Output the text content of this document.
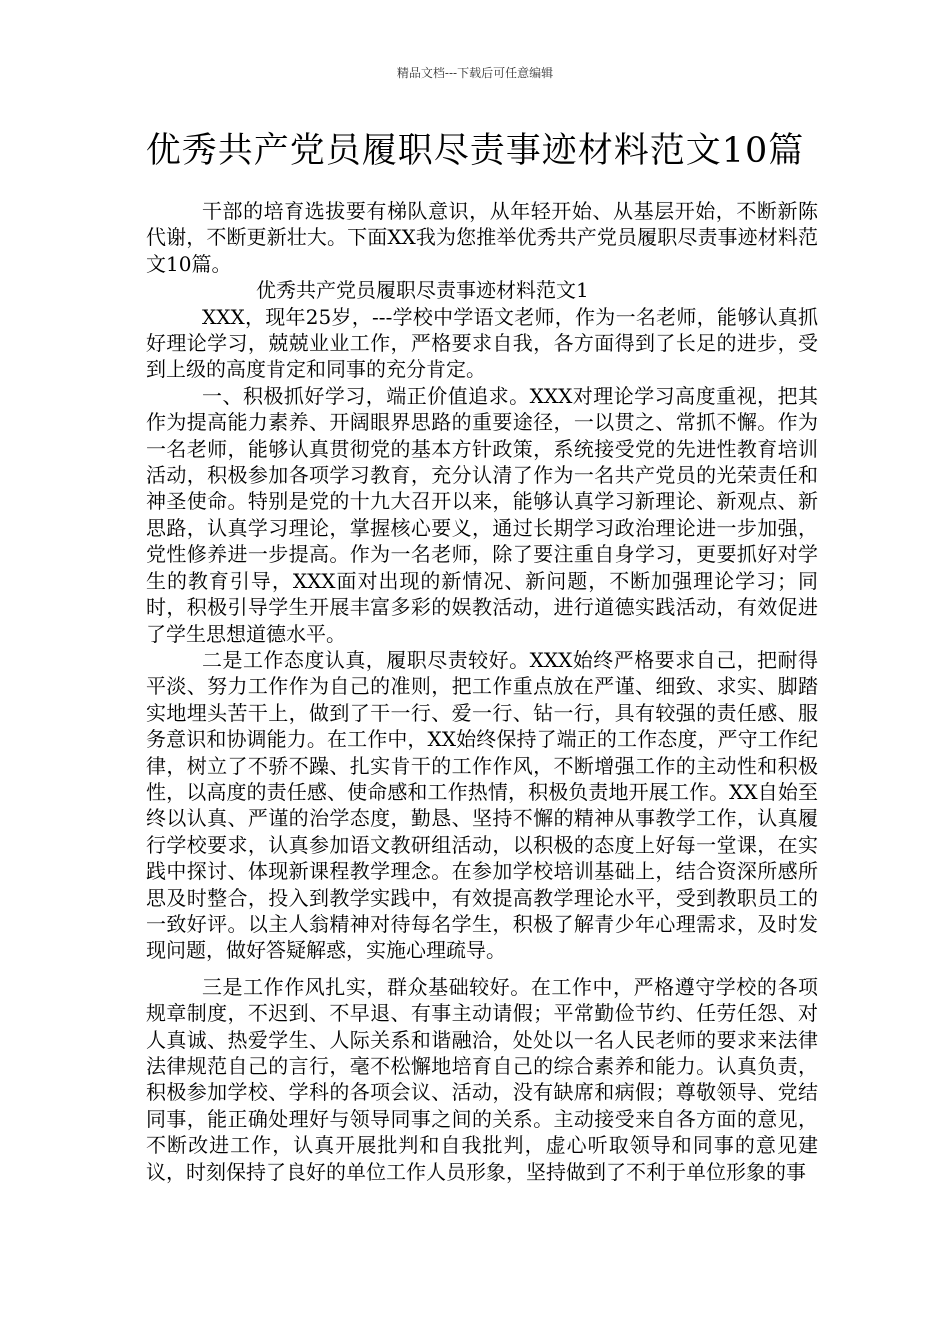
精品文档---下载后可任意编辑
优秀共产党员履职尽责事迹材料范文10篇

干部的培育选拔要有梯队意识，从年轻开始、从基层开始，不断新陈代谢，不断更新壮大。下面XX我为您推举优秀共产党员履职尽责事迹材料范文10篇。

优秀共产党员履职尽责事迹材料范文1

XXX，现年25岁，---学校中学语文老师，作为一名老师，能够认真抓好理论学习，兢兢业业工作，严格要求自我，各方面得到了长足的进步，受到上级的高度肯定和同事的充分肯定。

一、积极抓好学习，端正价值追求。XXX对理论学习高度重视，把其作为提高能力素养、开阔眼界思路的重要途径，一以贯之、常抓不懈。作为一名老师，能够认真贯彻党的基本方针政策，系统接受党的先进性教育培训活动，积极参加各项学习教育，充分认清了作为一名共产党员的光荣责任和神圣使命。特别是党的十九大召开以来，能够认真学习新理论、新观点、新思路，认真学习理论，掌握核心要义，通过长期学习政治理论进一步加强，党性修养进一步提高。作为一名老师，除了要注重自身学习，更要抓好对学生的教育引导，XXX面对出现的新情况、新问题，不断加强理论学习；同时，积极引导学生开展丰富多彩的娱教活动，进行道德实践活动，有效促进了学生思想道德水平。

二是工作态度认真，履职尽责较好。XXX始终严格要求自己，把耐得平淡、努力工作作为自己的准则，把工作重点放在严谨、细致、求实、脚踏实地埋头苦干上，做到了干一行、爱一行、钻一行，具有较强的责任感、服务意识和协调能力。在工作中，XX始终保持了端正的工作态度，严守工作纪律，树立了不骄不躁、扎实肯干的工作作风，不断增强工作的主动性和积极性，以高度的责任感、使命感和工作热情，积极负责地开展工作。XX自始至终以认真、严谨的治学态度，勤恳、坚持不懈的精神从事教学工作，认真履行学校要求，认真参加语文教研组活动，以积极的态度上好每一堂课，在实践中探讨、体现新课程教学理念。在参加学校培训基础上，结合资深所感所思及时整合，投入到教学实践中，有效提高教学理论水平，受到教职员工的一致好评。以主人翁精神对待每名学生，积极了解青少年心理需求，及时发现问题，做好答疑解惑，实施心理疏导。

三是工作作风扎实，群众基础较好。在工作中，严格遵守学校的各项规章制度，不迟到、不早退、有事主动请假；平常勤俭节约、任劳任怨、对人真诚、热爱学生、人际关系和谐融洽，处处以一名人民老师的要求来法律法律规范自己的言行，毫不松懈地培育自己的综合素养和能力。认真负责，积极参加学校、学科的各项会议、活动，没有缺席和病假；尊敬领导、党结同事，能正确处理好与领导同事之间的关系。主动接受来自各方面的意见，不断改进工作，认真开展批判和自我批判，虚心听取领导和同事的意见建议，时刻保持了良好的单位工作人员形象，坚持做到了不利于单位形象的事
